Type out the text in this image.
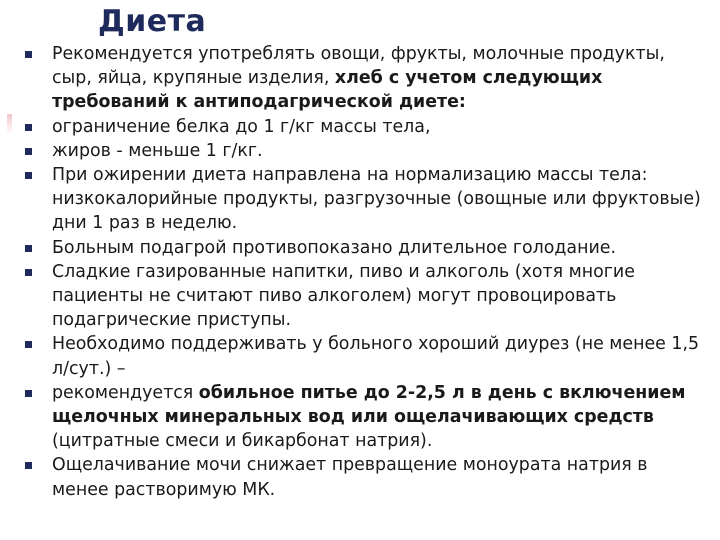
Диета
Рекомендуется употреблять овощи, фрукты, молочные продукты, сыр, яйца, крупяные изделия, хлеб с учетом следующих требований к антиподагрической диете:
ограничение белка до 1 г/кг массы тела,
жиров - меньше 1 г/кг.
При ожирении диета направлена на нормализацию массы тела: низкокалорийные продукты, разгрузочные (овощные или фруктовые) дни 1 раз в неделю.
Больным подагрой противопоказано длительное голодание.
Сладкие газированные напитки, пиво и алкоголь (хотя многие пациенты не считают пиво алкоголем) могут провоцировать подагрические приступы.
Необходимо поддерживать у больного хороший диурез (не менее 1,5 л/сут.) –
рекомендуется обильное питье до 2-2,5 л в день с включением щелочных минеральных вод или ощелачивающих средств (цитратные смеси и бикарбонат натрия).
Ощелачивание мочи снижает превращение моноурата натрия в менее растворимую МК.
